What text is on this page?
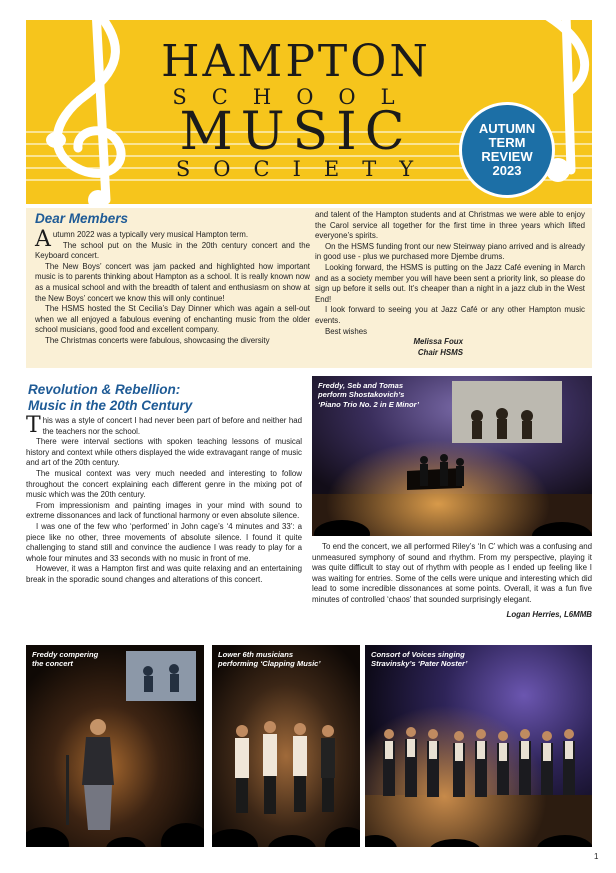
HAMPTON
SCHOOL
MUSIC
SOCIETY
AUTUMN
TERM
REVIEW
2023
Dear Members

Autumn 2022 was a typically very musical Hampton term.

The school put on the Music in the 20th century concert and the Keyboard concert.

The New Boys’ concert was jam packed and highlighted how important music is to parents thinking about Hampton as a school. It is really known now as a musical school and with the breadth of talent and enthusiasm on show at the New Boys’ concert we know this will only continue!

The HSMS hosted the St Cecilia’s Day Dinner which was again a sell-out when we all enjoyed a fabulous evening of enchanting music from the older school musicians, good food and excellent company.

The Christmas concerts were fabulous, showcasing the diversity

and talent of the Hampton students and at Christmas we were able to enjoy the Carol service all together for the first time in three years which lifted everyone’s spirits.

On the HSMS funding front our new Steinway piano arrived and is already in good use - plus we purchased more Djembe drums.

Looking forward, the HSMS is putting on the Jazz Café evening in March and as a society member you will have been sent a priority link, so please do sign up before it sells out. It’s cheaper than a night in a jazz club in the West End!

I look forward to seeing you at Jazz Café or any other Hampton music events.

Best wishes

Melissa Foux

Chair HSMS

Revolution & Rebellion:
Music in the 20th Century

This was a style of concert I had never been part of before and neither had the teachers nor the school.

There were interval sections with spoken teaching lessons of musical history and context while others displayed the wide extravagant range of music and art of the 20th century.

The musical context was very much needed and interesting to follow throughout the concert explaining each different genre in the mixing pot of music which was the 20th century.

From impressionism and painting images in your mind with sound to extreme dissonances and lack of functional harmony or even absolute silence.

I was one of the few who ‘performed’ in John cage’s ‘4 minutes and 33’: a piece like no other, three movements of absolute silence. I found it quite challenging to stand still and convince the audience I was ready to play for a whole four minutes and 33 seconds with no music in front of me.

However, it was a Hampton first and was quite relaxing and an entertaining break in the sporadic sound changes and alterations of this concert.

To end the concert, we all performed Riley’s ‘In C’ which was a confusing and unmeasured symphony of sound and rhythm. From my perspective, playing it was quite difficult to stay out of rhythm with people as I ended up feeling like I was waiting for entries. Some of the cells were unique and interesting which did lead to some incredible dissonances at some points. Overall, it was a fun five minutes of controlled ‘chaos’ that sounded surprisingly elegant.

Logan Herries, L6MMB

Freddy, Seb and Tomas
perform Shostakovich’s
‘Piano Trio No. 2 in E Minor’
Freddy compering
the concert
Lower 6th musicians
performing ‘Clapping Music’
Consort of Voices singing
Stravinsky’s ‘Pater Noster’
1
